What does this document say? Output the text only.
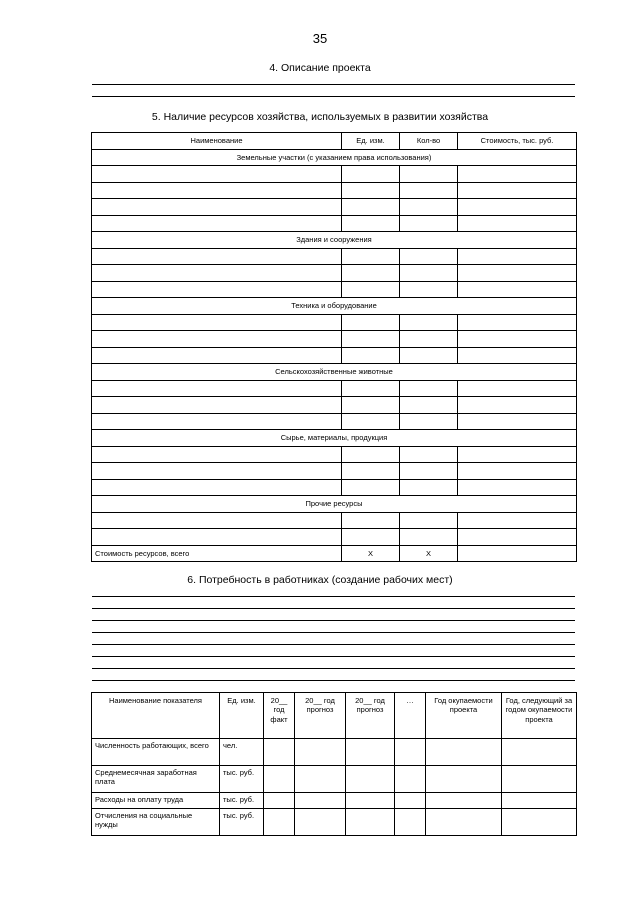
35
4. Описание проекта
5. Наличие ресурсов хозяйства, используемых в развитии хозяйства
Наименование	Ед. изм.	Кол-во	Стоимость, тыс. руб.
Земельные участки (с указанием права использования)			

Здания и сооружения			

Техника и оборудование			

Сельскохозяйственные животные			

Сырье, материалы, продукция			

Прочие ресурсы			

Стоимость ресурсов, всего	Х	Х	
6. Потребность в работниках (создание рабочих мест)
Наименование показателя	Ед. изм.	20__ год факт	20__ год прогноз	20__ год прогноз	…	Год окупаемости проекта	Год, следующий за годом окупаемости проекта
Численность работающих, всего	чел.						
Среднемесячная заработная плата	тыс. руб.						
Расходы на оплату труда	тыс. руб.						
Отчисления на социальные нужды	тыс. руб.						
